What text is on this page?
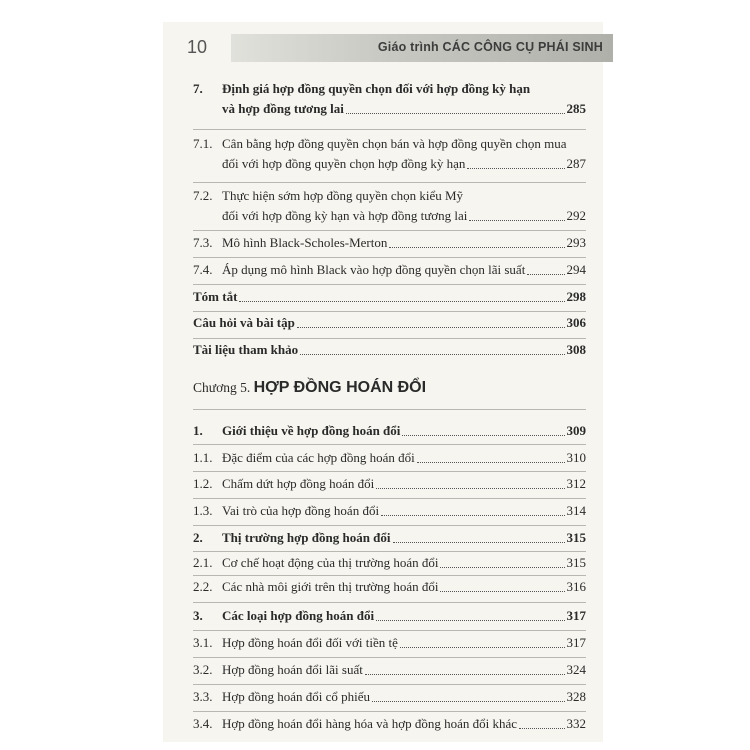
10	Giáo trình CÁC CÔNG CỤ PHÁI SINH
7.	Định giá hợp đồng quyền chọn đối với hợp đồng kỳ hạn
và hợp đồng tương lai	285
7.1. Cân bằng hợp đồng quyền chọn bán và hợp đồng quyền chọn mua
đối với hợp đồng quyền chọn hợp đồng kỳ hạn	287
7.2. Thực hiện sớm hợp đồng quyền chọn kiểu Mỹ
đối với hợp đồng kỳ hạn và hợp đồng tương lai	292
7.3. Mô hình Black-Scholes-Merton	293
7.4. Áp dụng mô hình Black vào hợp đồng quyền chọn lãi suất	294
Tóm tắt	298
Câu hỏi và bài tập	306
Tài liệu tham khảo	308
Chương 5. HỢP ĐỒNG HOÁN ĐỔI
1.	Giới thiệu về hợp đồng hoán đổi	309
1.1. Đặc điểm của các hợp đồng hoán đổi	310
1.2. Chấm dứt hợp đồng hoán đổi	312
1.3. Vai trò của hợp đồng hoán đổi	314
2.	Thị trường hợp đồng hoán đổi	315
2.1. Cơ chế hoạt động của thị trường hoán đổi	315
2.2. Các nhà môi giới trên thị trường hoán đổi	316
3.	Các loại hợp đồng hoán đổi	317
3.1. Hợp đồng hoán đổi đối với tiền tệ	317
3.2. Hợp đồng hoán đổi lãi suất	324
3.3. Hợp đồng hoán đổi cổ phiếu	328
3.4. Hợp đồng hoán đổi hàng hóa và hợp đồng hoán đổi khác	332
